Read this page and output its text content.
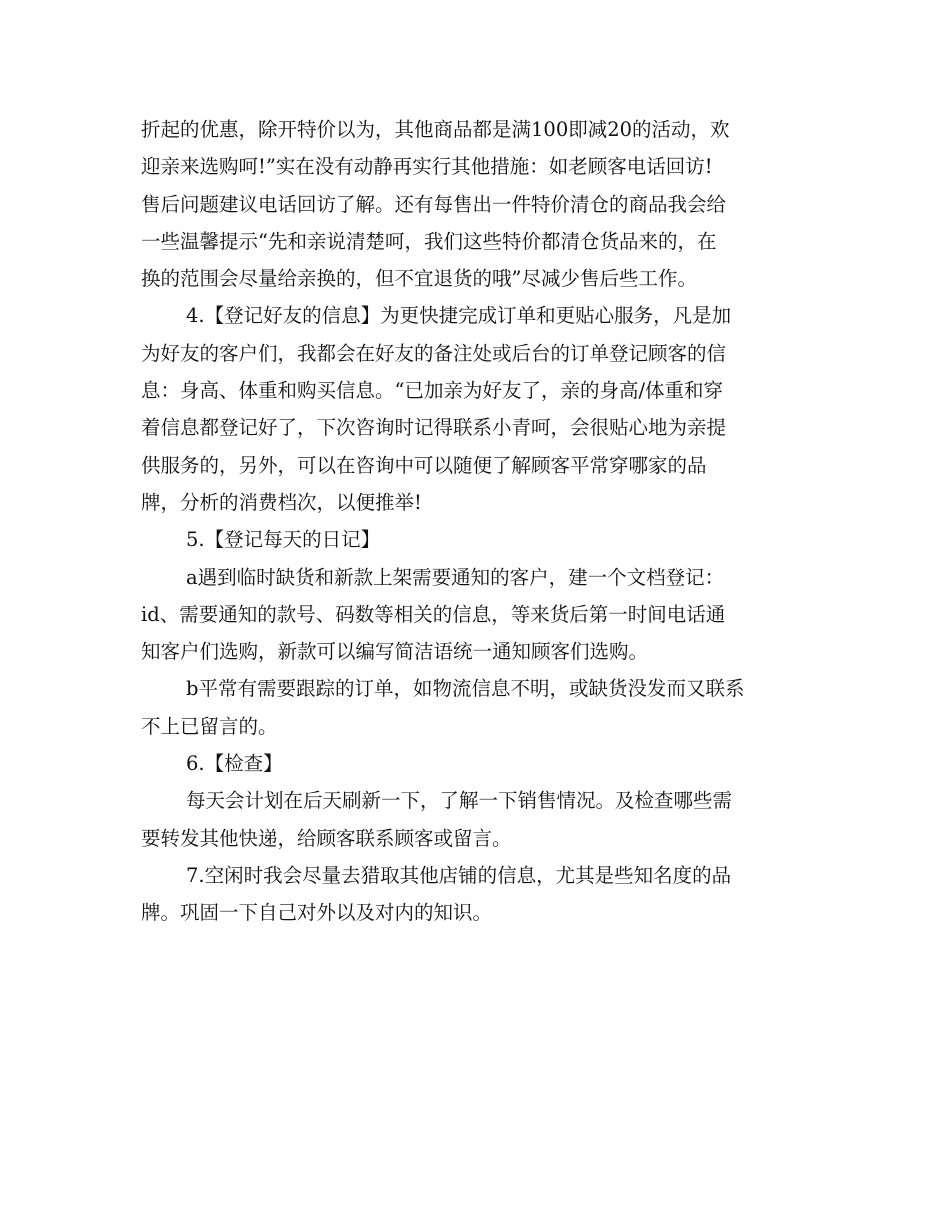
折起的优惠，除开特价以为，其他商品都是满100即减20的活动，欢
迎亲来选购呵!”实在没有动静再实行其他措施：如老顾客电话回访!
售后问题建议电话回访了解。还有每售出一件特价清仓的商品我会给
一些温馨提示“先和亲说清楚呵，我们这些特价都清仓货品来的，在
换的范围会尽量给亲换的，但不宜退货的哦”尽减少售后些工作。
4.【登记好友的信息】为更快捷完成订单和更贴心服务，凡是加
为好友的客户们，我都会在好友的备注处或后台的订单登记顾客的信
息：身高、体重和购买信息。“已加亲为好友了，亲的身高/体重和穿
着信息都登记好了，下次咨询时记得联系小青呵，会很贴心地为亲提
供服务的，另外，可以在咨询中可以随便了解顾客平常穿哪家的品
牌，分析的消费档次，以便推举!
5.【登记每天的日记】
a遇到临时缺货和新款上架需要通知的客户，建一个文档登记：
id、需要通知的款号、码数等相关的信息，等来货后第一时间电话通
知客户们选购，新款可以编写简洁语统一通知顾客们选购。
b平常有需要跟踪的订单，如物流信息不明，或缺货没发而又联系
不上已留言的。
6.【检查】
每天会计划在后天刷新一下，了解一下销售情况。及检查哪些需
要转发其他快递，给顾客联系顾客或留言。
7.空闲时我会尽量去猎取其他店铺的信息，尤其是些知名度的品
牌。巩固一下自己对外以及对内的知识。
